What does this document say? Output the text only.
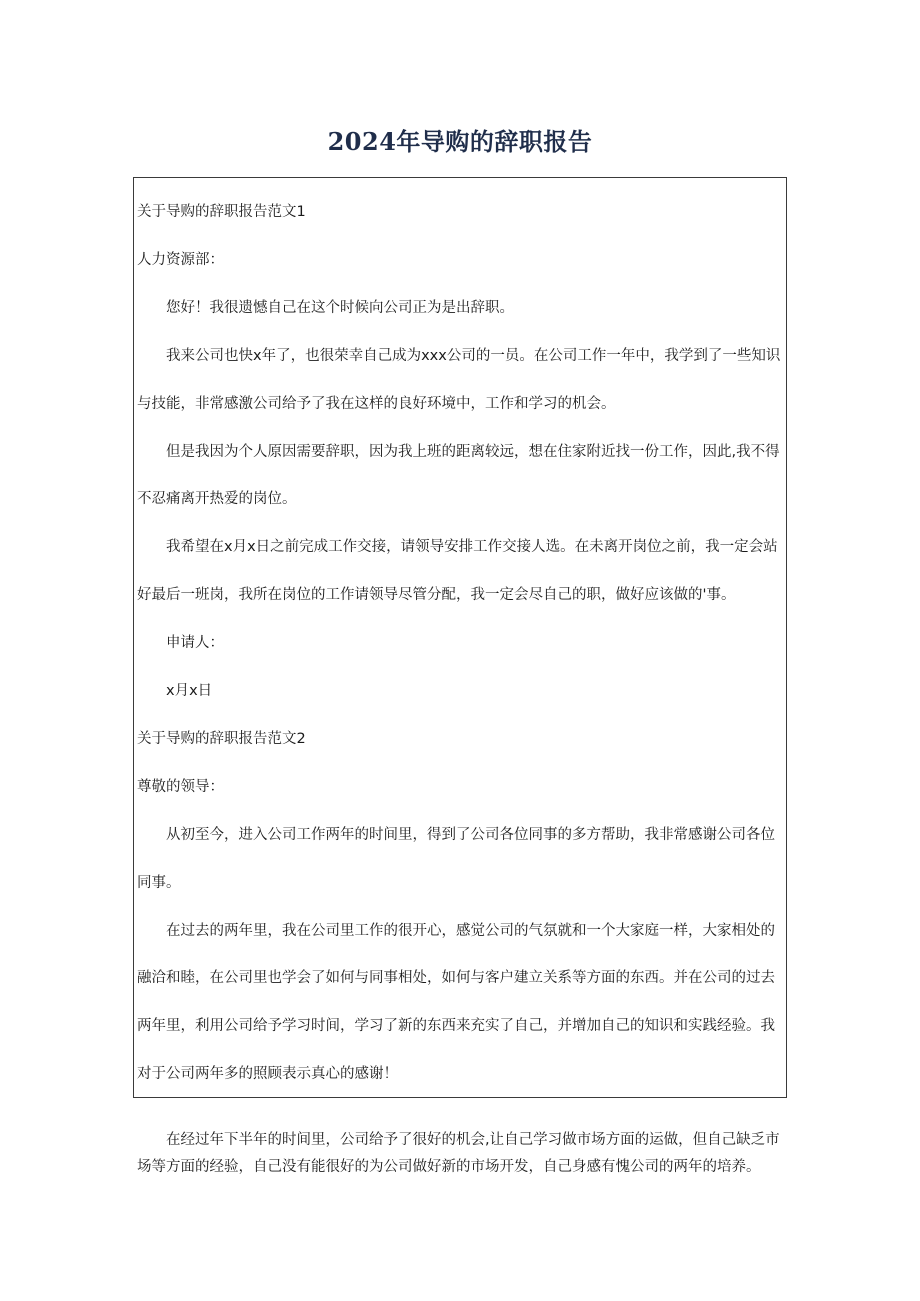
2024年导购的辞职报告
关于导购的辞职报告范文1
人力资源部：
您好！我很遗憾自己在这个时候向公司正为是出辞职。
我来公司也快x年了，也很荣幸自己成为xxx公司的一员。在公司工作一年中，我学到了一些知识
与技能，非常感激公司给予了我在这样的良好环境中，工作和学习的机会。
但是我因为个人原因需要辞职，因为我上班的距离较远，想在住家附近找一份工作，因此,我不得
不忍痛离开热爱的岗位。
我希望在x月x日之前完成工作交接，请领导安排工作交接人选。在未离开岗位之前，我一定会站
好最后一班岗，我所在岗位的工作请领导尽管分配，我一定会尽自己的职，做好应该做的'事。
申请人：
x月x日
关于导购的辞职报告范文2
尊敬的领导：
从初至今，进入公司工作两年的时间里，得到了公司各位同事的多方帮助，我非常感谢公司各位
同事。
在过去的两年里，我在公司里工作的很开心，感觉公司的气氛就和一个大家庭一样，大家相处的
融洽和睦，在公司里也学会了如何与同事相处，如何与客户建立关系等方面的东西。并在公司的过去
两年里，利用公司给予学习时间，学习了新的东西来充实了自己，并增加自己的知识和实践经验。我
对于公司两年多的照顾表示真心的感谢！
在经过年下半年的时间里，公司给予了很好的机会,让自己学习做市场方面的运做，但自己缺乏市
场等方面的经验，自己没有能很好的为公司做好新的市场开发，自己身感有愧公司的两年的培养。
